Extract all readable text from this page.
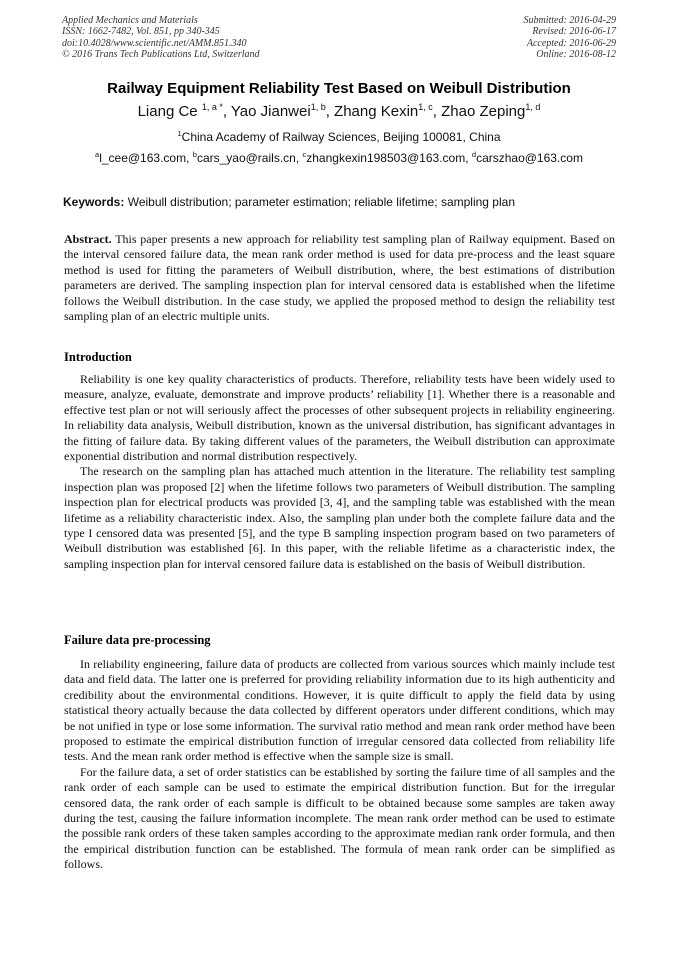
Applied Mechanics and Materials
ISSN: 1662-7482, Vol. 851, pp 340-345
doi:10.4028/www.scientific.net/AMM.851.340
© 2016 Trans Tech Publications Ltd, Switzerland
Submitted: 2016-04-29
Revised: 2016-06-17
Accepted: 2016-06-29
Online: 2016-08-12
Railway Equipment Reliability Test Based on Weibull Distribution
Liang Ce $^{1, a *}$, Yao Jianwei$^{1, b}$, Zhang Kexin$^{1, c}$, Zhao Zeping$^{1, d}$
$^1$China Academy of Railway Sciences, Beijing 100081, China
$^a$l_cee@163.com, $^b$cars_yao@rails.cn, $^c$zhangkexin198503@163.com, $^d$carszhao@163.com
Keywords: Weibull distribution; parameter estimation; reliable lifetime; sampling plan

Abstract. This paper presents a new approach for reliability test sampling plan of Railway equipment. Based on the interval censored failure data, the mean rank order method is used for data pre-process and the least square method is used for fitting the parameters of Weibull distribution, where, the best estimations of distribution parameters are derived. The sampling inspection plan for interval censored data is established when the lifetime follows the Weibull distribution. In the case study, we applied the proposed method to design the reliability test sampling plan of an electric multiple units.

Introduction

Reliability is one key quality characteristics of products. Therefore, reliability tests have been widely used to measure, analyze, evaluate, demonstrate and improve products’ reliability [1]. Whether there is a reasonable and effective test plan or not will seriously affect the processes of other subsequent projects in reliability engineering. In reliability data analysis, Weibull distribution, known as the universal distribution, has significant advantages in the fitting of failure data. By taking different values of the parameters, the Weibull distribution can approximate exponential distribution and normal distribution respectively.

The research on the sampling plan has attached much attention in the literature. The reliability test sampling inspection plan was proposed [2] when the lifetime follows two parameters of Weibull distribution. The sampling inspection plan for electrical products was provided [3, 4], and the sampling table was established with the mean lifetime as a reliability characteristic index. Also, the sampling plan under both the complete failure data and the type I censored data was presented [5], and the type B sampling inspection program based on two parameters of Weibull distribution was established [6]. In this paper, with the reliable lifetime as a characteristic index, the sampling inspection plan for interval censored failure data is established on the basis of Weibull distribution.

Failure data pre-processing

In reliability engineering, failure data of products are collected from various sources which mainly include test data and field data. The latter one is preferred for providing reliability information due to its high authenticity and credibility about the environmental conditions. However, it is quite difficult to apply the field data by using statistical theory actually because the data collected by different operators under different conditions, which may be not unified in type or lose some information. The survival ratio method and mean rank order method have been proposed to estimate the empirical distribution function of irregular censored data collected from reliability life tests. And the mean rank order method is effective when the sample size is small.

For the failure data, a set of order statistics can be established by sorting the failure time of all samples and the rank order of each sample can be used to estimate the empirical distribution function. But for the irregular censored data, the rank order of each sample is difficult to be obtained because some samples are taken away during the test, causing the failure information incomplete. The mean rank order method can be used to estimate the possible rank orders of these taken samples according to the approximate median rank order formula, and then the empirical distribution function can be established. The formula of mean rank order can be simplified as follows.
